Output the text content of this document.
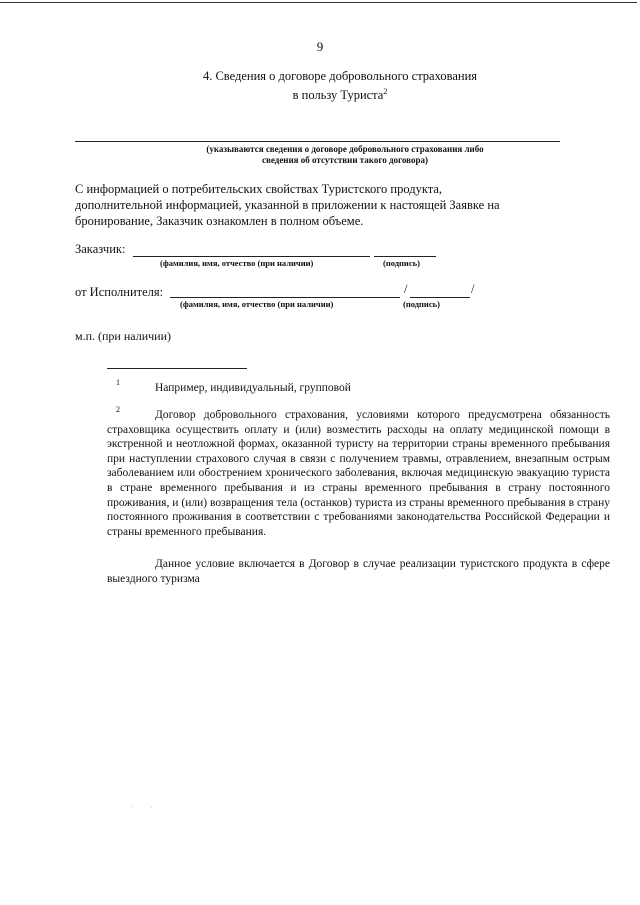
9
4. Сведения о договоре добровольного страхования
в пользу Туриста$^2$
(указываются сведения о договоре добровольного страхования либо
сведения об отсутствии такого договора)
С информацией о потребительских свойствах Туристского продукта,
дополнительной информацией, указанной в приложении к настоящей Заявке на
бронирование, Заказчик ознакомлен в полном объеме.
Заказчик:
(фамилия, имя, отчество (при наличии)	(подпись)
от Исполнителя:	/	/
(фамилия, имя, отчество (при наличии)	(подпись)
м.п. (при наличии)
1	Например, индивидуальный, групповой
2	Договор добровольного страхования, условиями которого предусмотрена обязанность страховщика осуществить оплату и (или) возместить расходы на оплату медицинской помощи в экстренной и неотложной формах, оказанной туристу на территории страны временного пребывания при наступлении страхового случая в связи с получением травмы, отравлением, внезапным острым заболеванием или обострением хронического заболевания, включая медицинскую эвакуацию туриста в стране временного пребывания и из страны временного пребывания в страну постоянного проживания, и (или) возвращения тела (останков) туриста из страны временного пребывания в страну постоянного проживания в соответствии с требованиями законодательства Российской Федерации и страны временного пребывания.
Данное условие включается в Договор в случае реализации туристского продукта в сфере выездного туризма
·           ·
